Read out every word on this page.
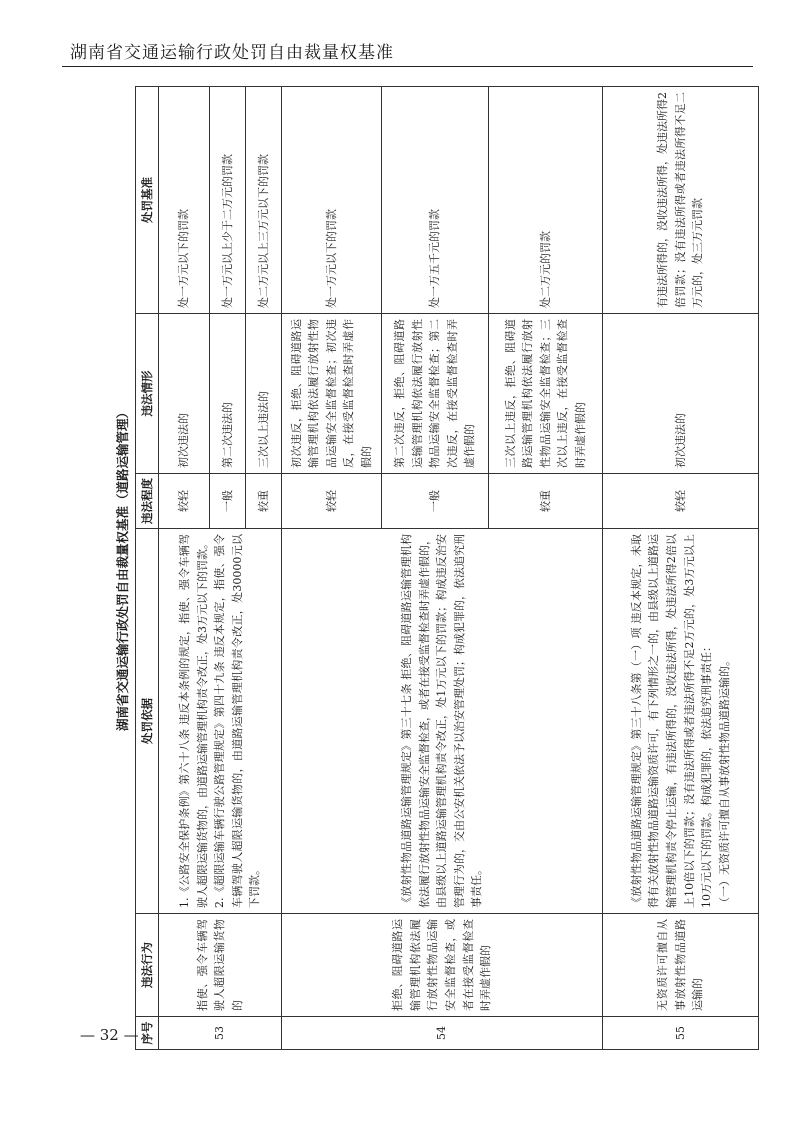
湖南省交通运输行政处罚自由裁量权基准
湖南省交通运输行政处罚自由裁量权基准（道路运输管理）
序号	违法行为	处罚依据	违法程度	违法情形	处罚基准
53	指使、强令车辆驾驶人超限运输货物的	1.《公路安全保护条例》第六十八条 违反本条例的规定，指使、强令车辆驾驶人超限运输货物的，由道路运输管理机构责令改正，处3万元以下的罚款。 2.《超限运输车辆行驶公路管理规定》第四十九条 违反本规定，指使、强令车辆驾驶人超限运输货物的，由道路运输管理机构责令改正，处30000元以下罚款。	较轻	初次违法的	处一万元以下的罚款
			一般	第二次违法的	处一万元以上少于二万元的罚款
			较重	三次以上违法的	处二万元以上三万元以下的罚款
54	拒绝、阻碍道路运输管理机构依法履行放射性物品运输安全监督检查，或者在接受监督检查时弄虚作假的	《放射性物品道路运输管理规定》第三十七条 拒绝、阻碍道路运输管理机构依法履行放射性物品运输安全监督检查，或者在接受监督检查时弄虚作假的，由县级以上道路运输管理机构责令改正，处1万元以下的罚款；构成违反治安管理行为的，交由公安机关依法予以治安管理处罚；构成犯罪的，依法追究刑事责任。	较轻	初次违反，拒绝、阻碍道路运输管理机构依法履行放射性物品运输安全监督检查；初次违反，在接受监督检查时弄虚作假的	处一万元以下的罚款
			一般	第二次违反，拒绝、阻碍道路运输管理机构依法履行放射性物品运输安全监督检查；第二次违反，在接受监督检查时弄虚作假的	处一万五千元的罚款
			较重	三次以上违反，拒绝、阻碍道路运输管理机构依法履行放射性物品运输安全监督检查；三次以上违反，在接受监督检查时弄虚作假的	处二万元的罚款
55	无资质许可擅自从事放射性物品道路运输的	《放射性物品道路运输管理规定》第三十八条第（一）项 违反本规定，未取得有关放射性物品道路运输资质许可，有下列情形之一的，由县级以上道路运输管理机构责令停止运输，有违法所得的，没收违法所得，处违法所得2倍以上10倍以下的罚款；没有违法所得或者违法所得不足2万元的，处3万元以上10万元以下的罚款。构成犯罪的，依法追究刑事责任： （一）无资质许可擅自从事放射性物品道路运输的。	较轻	初次违法的	有违法所得的，没收违法所得，处违法所得2倍罚款；没有违法所得或者违法所得不足二万元的，处三万元罚款
— 32 —
